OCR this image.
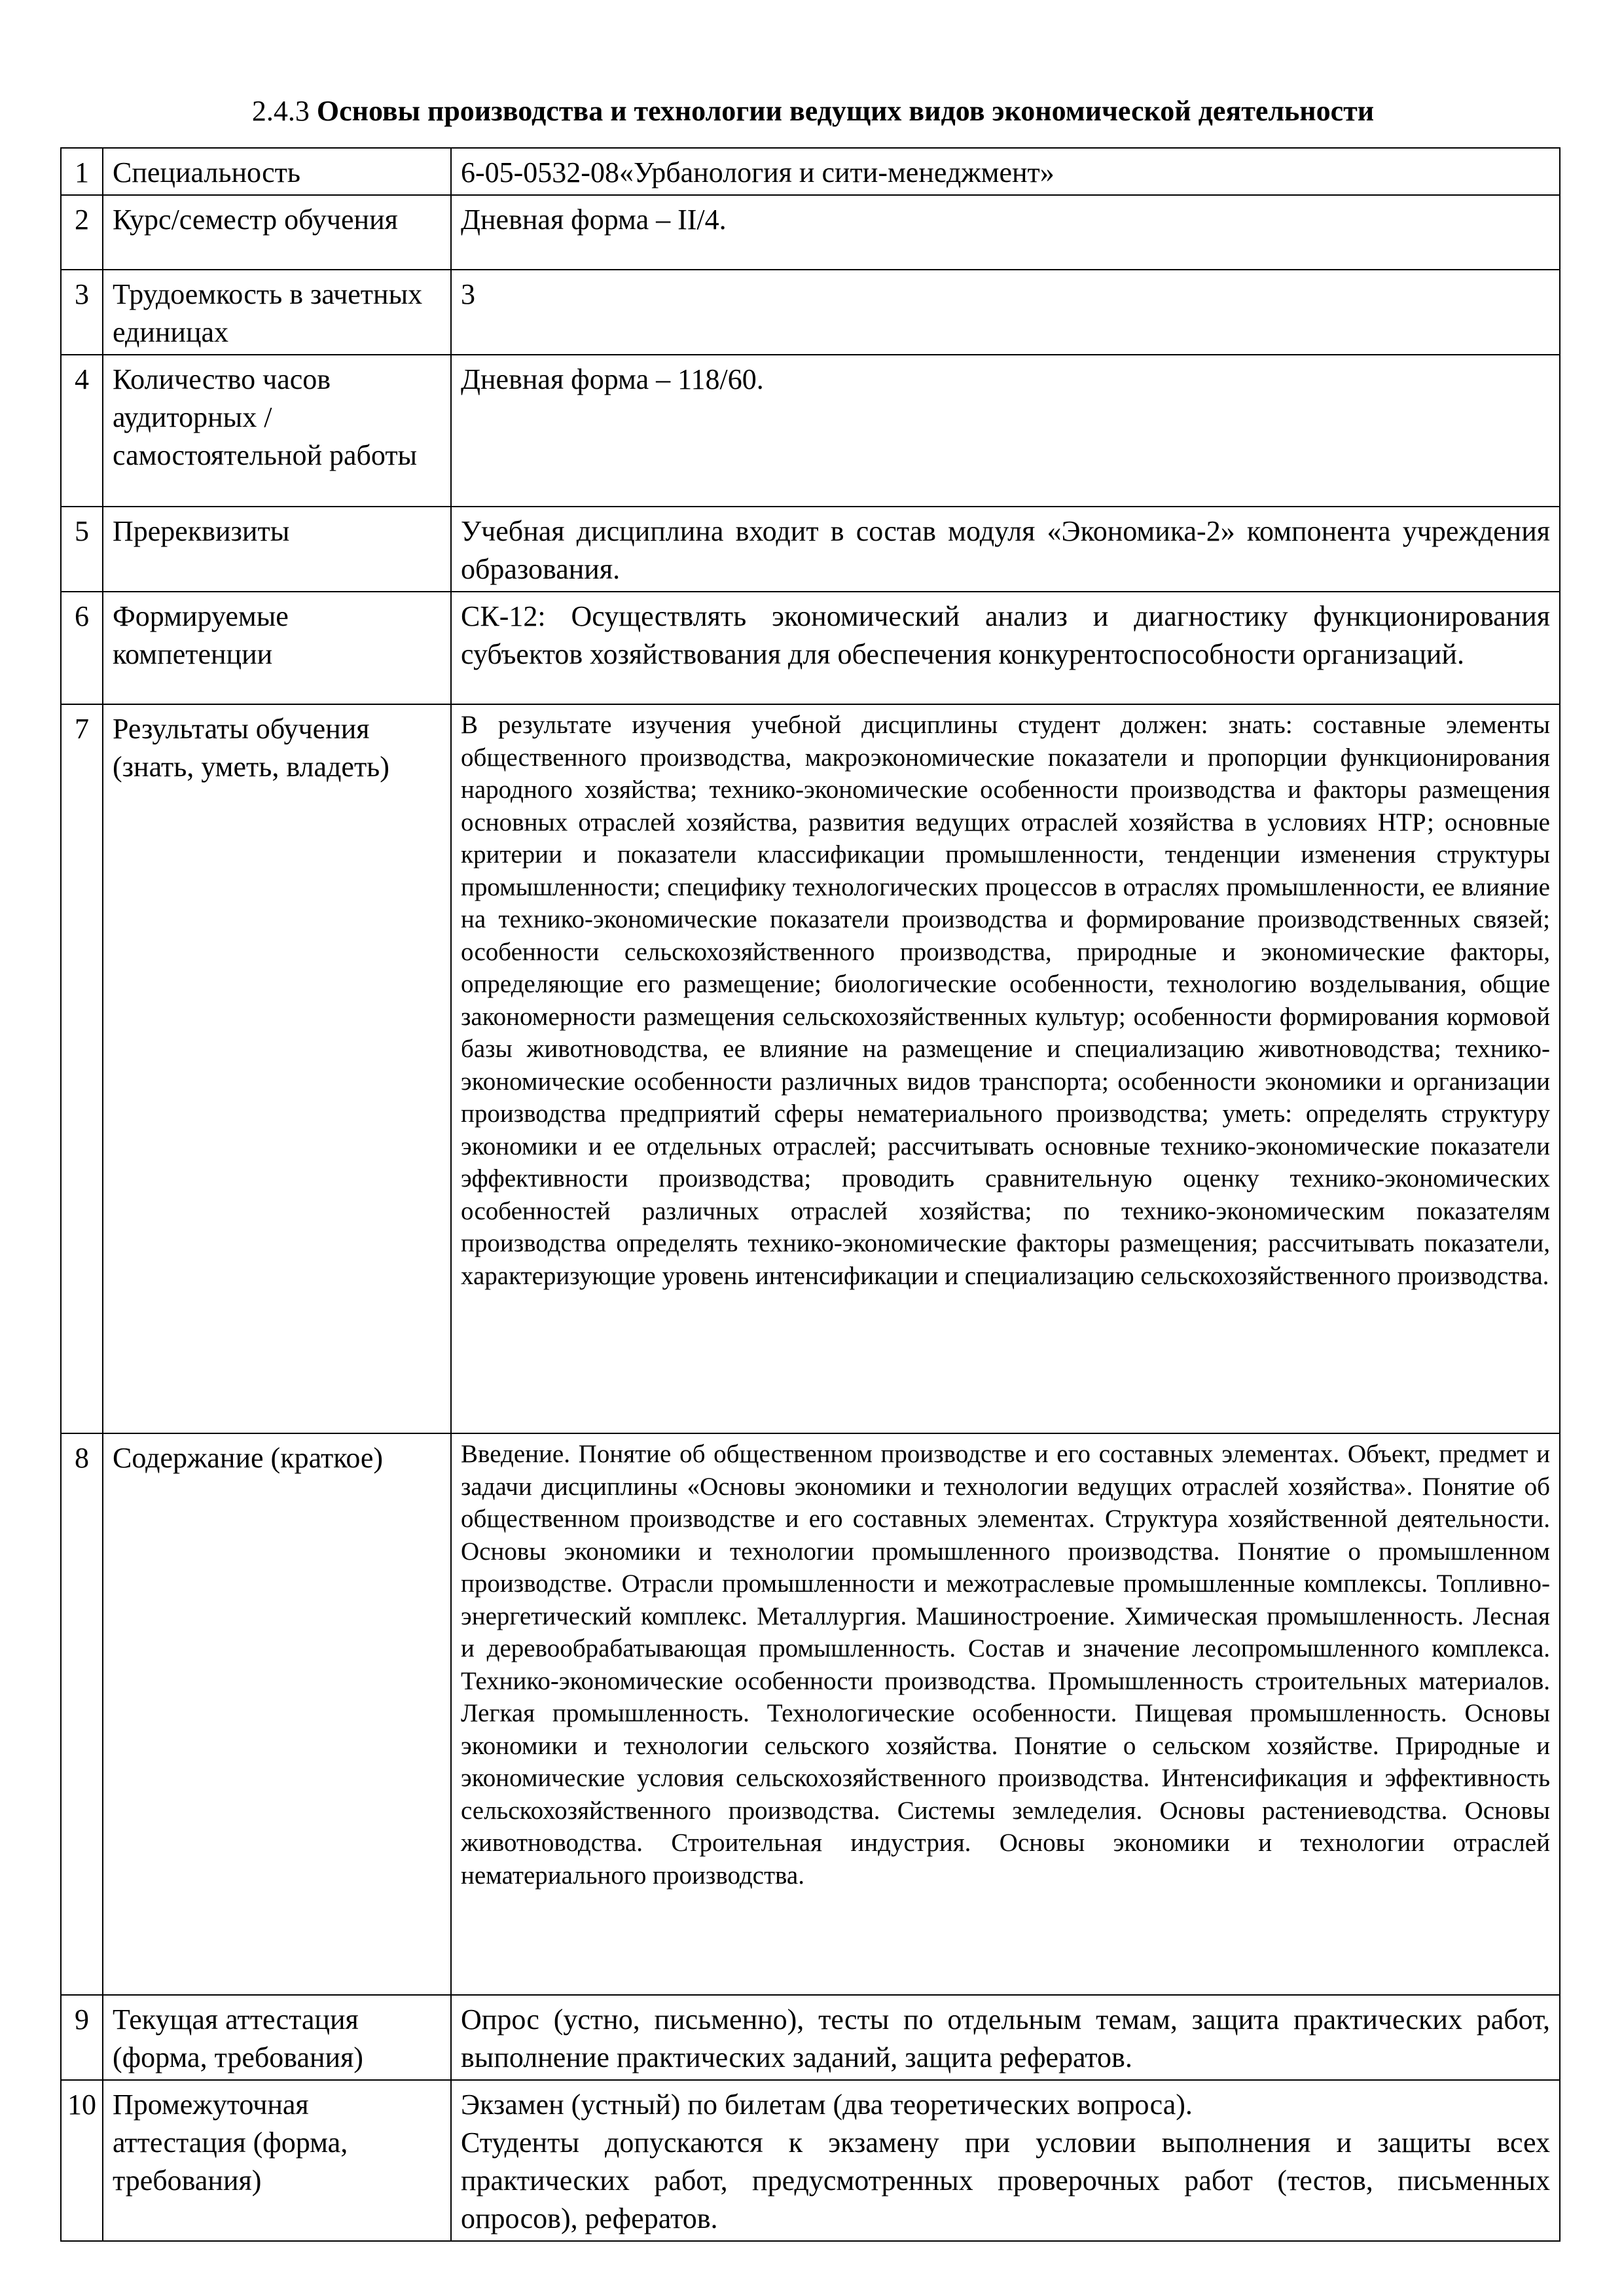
2.4.3 Основы производства и технологии ведущих видов экономической деятельности
1	Специальность	6-05-0532-08«Урбанология и сити-менеджмент»
2	Курс/семестр обучения	Дневная форма – II/4.
3	Трудоемкость в зачетных единицах	3
4	Количество часов аудиторных / самостоятельной работы	Дневная форма – 118/60.
5	Пререквизиты	Учебная дисциплина входит в состав модуля «Экономика-2» компонента учреждения образования.
6	Формируемые компетенции	СК-12: Осуществлять экономический анализ и диагностику функционирования субъектов хозяйствования для обеспечения конкурентоспособности организаций.
7	Результаты обучения (знать, уметь, владеть)	В результате изучения учебной дисциплины студент должен: знать: составные элементы общественного производства, макроэкономические показатели и пропорции функционирования народного хозяйства; технико-экономические особенности производства и факторы размещения основных отраслей хозяйства, развития ведущих отраслей хозяйства в условиях НТР; основные критерии и показатели классификации промышленности, тенденции изменения структуры промышленности; специфику технологических процессов в отраслях промышленности, ее влияние на технико-экономические показатели производства и формирование производственных связей; особенности сельскохозяйственного производства, природные и экономические факторы, определяющие его размещение; биологические особенности, технологию возделывания, общие закономерности размещения сельскохозяйственных культур; особенности формирования кормовой базы животноводства, ее влияние на размещение и специализацию животноводства; технико-экономические особенности различных видов транспорта; особенности экономики и организации производства предприятий сферы нематериального производства; уметь: определять структуру экономики и ее отдельных отраслей; рассчитывать основные технико-экономические показатели эффективности производства; проводить сравнительную оценку технико-экономических особенностей различных отраслей хозяйства; по технико-экономическим показателям производства определять технико-экономические факторы размещения; рассчитывать показатели, характеризующие уровень интенсификации и специализацию сельскохозяйственного производства.
8	Содержание (краткое)	Введение. Понятие об общественном производстве и его составных элементах. Объект, предмет и задачи дисциплины «Основы экономики и технологии ведущих отраслей хозяйства». Понятие об общественном производстве и его составных элементах. Структура хозяйственной деятельности. Основы экономики и технологии промышленного производства. Понятие о промышленном производстве. Отрасли промышленности и межотраслевые промышленные комплексы. Топливно-энергетический комплекс. Металлургия. Машиностроение. Химическая промышленность. Лесная и деревообрабатывающая промышленность. Состав и значение лесопромышленного комплекса. Технико-экономические особенности производства. Промышленность строительных материалов. Легкая промышленность. Технологические особенности. Пищевая промышленность. Основы экономики и технологии сельского хозяйства. Понятие о сельском хозяйстве. Природные и экономические условия сельскохозяйственного производства. Интенсификация и эффективность сельскохозяйственного производства. Системы земледелия. Основы растениеводства. Основы животноводства. Строительная индустрия. Основы экономики и технологии отраслей нематериального производства.
9	Текущая аттестация (форма, требования)	Опрос (устно, письменно), тесты по отдельным темам, защита практических работ, выполнение практических заданий, защита рефератов.
10	Промежуточная аттестация (форма, требования)	Экзамен (устный) по билетам (два теоретических вопроса).
Студенты допускаются к экзамену при условии выполнения и защиты всех практических работ, предусмотренных проверочных работ (тестов, письменных опросов), рефератов.
